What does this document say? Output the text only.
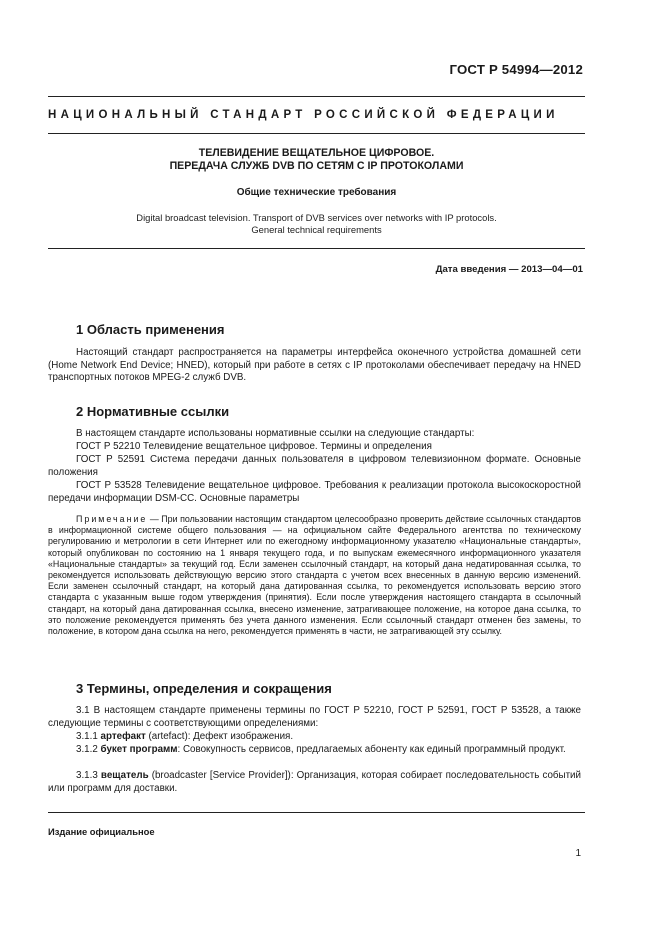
ГОСТ Р 54994—2012
НАЦИОНАЛЬНЫЙ СТАНДАРТ РОССИЙСКОЙ ФЕДЕРАЦИИ
ТЕЛЕВИДЕНИЕ ВЕЩАТЕЛЬНОЕ ЦИФРОВОЕ.
ПЕРЕДАЧА СЛУЖБ DVB ПО СЕТЯМ С IP ПРОТОКОЛАМИ
Общие технические требования
Digital broadcast television. Transport of DVB services over networks with IP protocols.
General technical requirements
Дата введения — 2013—04—01
1 Область применения
Настоящий стандарт распространяется на параметры интерфейса оконечного устройства домашней сети (Home Network End Device; HNED), который при работе в сетях с IP протоколами обеспечивает передачу на HNED транспортных потоков MPEG-2 служб DVB.
2 Нормативные ссылки
В настоящем стандарте использованы нормативные ссылки на следующие стандарты:
ГОСТ Р 52210 Телевидение вещательное цифровое. Термины и определения
ГОСТ Р 52591 Система передачи данных пользователя в цифровом телевизионном формате. Основные положения
ГОСТ Р 53528 Телевидение вещательное цифровое. Требования к реализации протокола высокоскоростной передачи информации DSM-CC. Основные параметры
Примечание — При пользовании настоящим стандартом целесообразно проверить действие ссылочных стандартов в информационной системе общего пользования — на официальном сайте Федерального агентства по техническому регулированию и метрологии в сети Интернет или по ежегодному информационному указателю «Национальные стандарты», который опубликован по состоянию на 1 января текущего года, и по выпускам ежемесячного информационного указателя «Национальные стандарты» за текущий год. Если заменен ссылочный стандарт, на который дана недатированная ссылка, то рекомендуется использовать действующую версию этого стандарта с учетом всех внесенных в данную версию изменений. Если заменен ссылочный стандарт, на который дана датированная ссылка, то рекомендуется использовать версию этого стандарта с указанным выше годом утверждения (принятия). Если после утверждения настоящего стандарта в ссылочный стандарт, на который дана датированная ссылка, внесено изменение, затрагивающее положение, на которое дана ссылка, то это положение рекомендуется применять без учета данного изменения. Если ссылочный стандарт отменен без замены, то положение, в котором дана ссылка на него, рекомендуется применять в части, не затрагивающей эту ссылку.
3 Термины, определения и сокращения
3.1 В настоящем стандарте применены термины по ГОСТ Р 52210, ГОСТ Р 52591, ГОСТ Р 53528, а также следующие термины с соответствующими определениями:
3.1.1 артефакт (artefact): Дефект изображения.
3.1.2 букет программ: Совокупность сервисов, предлагаемых абоненту как единый программный продукт.
3.1.3 вещатель (broadcaster [Service Provider]): Организация, которая собирает последовательность событий или программ для доставки.
Издание официальное
1
